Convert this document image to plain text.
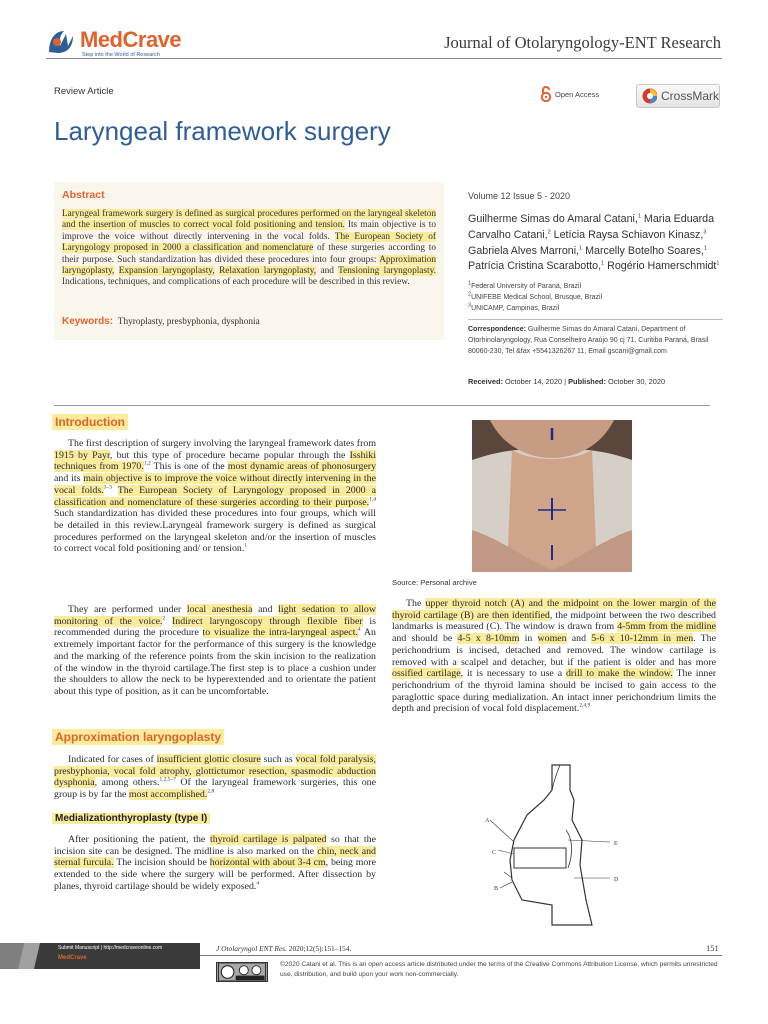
MedCrave
Step into the World of Research
Journal of Otolaryngology-ENT Research
Review Article	Open Access	CrossMark
Laryngeal framework surgery
Abstract
Laryngeal framework surgery is defined as surgical procedures performed on the laryngeal skeleton and the insertion of muscles to correct vocal fold positioning and tension. Its main objective is to improve the voice without directly intervening in the vocal folds. The European Society of Laryngology proposed in 2000 a classification and nomenclature of these surgeries according to their purpose. Such standardization has divided these procedures into four groups: Approximation laryngoplasty, Expansion laryngoplasty, Relaxation laryngoplasty, and Tensioning laryngoplasty. Indications, techniques, and complications of each procedure will be described in this review.
Keywords: Thyroplasty, presbyphonia, dysphonia
Volume 12 Issue 5 - 2020
Guilherme Simas do Amaral Catani,$^1$ Maria Eduarda Carvalho Catani,$^2$ Letícia Raysa Schiavon Kinasz,$^3$ Gabriela Alves Marroni,$^1$ Marcelly Botelho Soares,$^1$ Patrícia Cristina Scarabotto,$^1$ Rogério Hamerschmidt$^1$
$^1$Federal University of Paraná, Brazil
$^2$UNIFEBE Medical School, Brusque, Brazil
$^3$UNICAMP, Campinas, Brazil
Correspondence: Guilherme Simas do Amaral Catani, Department of Otorhinolaryngology, Rua Conselheiro Araújo 90 cj 71, Curitiba Paraná, Brasil 80060-230, Tel &fax +5541326267 11, Email gscani@gmail.com
Received: October 14, 2020 | Published: October 30, 2020
Introduction

The first description of surgery involving the laryngeal framework dates from 1915 by Payr, but this type of procedure became popular through the Isshiki techniques from 1970.$^{1,2}$ This is one of the most dynamic areas of phonosurgery and its main objective is to improve the voice without directly intervening in the vocal folds.$^{1-3}$ The European Society of Laryngology proposed in 2000 a classification and nomenclature of these surgeries according to their purpose.$^{1,4}$ Such standardization has divided these procedures into four groups, which will be detailed in this review.Laryngeal framework surgery is defined as surgical procedures performed on the laryngeal skeleton and/or the insertion of muscles to correct vocal fold positioning and/ or tension.$^1$

They are performed under local anesthesia and light sedation to allow monitoring of the voice.$^2$ Indirect laryngoscopy through flexible fiber is recommended during the procedure to visualize the intra-laryngeal aspect.$^4$ An extremely important factor for the performance of this surgery is the knowledge and the marking of the reference points from the skin incision to the realization of the window in the thyroid cartilage.The first step is to place a cushion under the shoulders to allow the neck to be hyperextended and to orientate the patient about this type of position, as it can be uncomfortable.

Approximation laryngoplasty

Indicated for cases of insufficient glottic closure such as vocal fold paralysis, presbyphonia, vocal fold atrophy, glottictumor resection, spasmodic abduction dysphonia, among others.$^{1,2,5-7}$ Of the laryngeal framework surgeries, this one group is by far the most accomplished.$^{2,8}$

Medializationthyroplasty (type I)

After positioning the patient, the thyroid cartilage is palpated so that the incision site can be designed. The midline is also marked on the chin, neck and sternal furcula. The incision should be horizontal with about 3-4 cm, being more extended to the side where the surgery will be performed. After dissection by planes, thyroid cartilage should be widely exposed.$^4$

Source: Personal archive

The upper thyroid notch (A) and the midpoint on the lower margin of the thyroid cartilage (B) are then identified, the midpoint between the two described landmarks is measured (C). The window is drawn from 4-5mm from the midline and should be 4-5 x 8-10mm in women and 5-6 x 10-12mm in men. The perichondrium is incised, detached and removed. The window cartilage is removed with a scalpel and detacher, but if the patient is older and has more ossified cartilage, it is necessary to use a drill to make the window. The inner perichondrium of the thyroid lamina should be incised to gain access to the paraglottic space during medialization. An intact inner perichondrium limits the depth and precision of vocal fold displacement.$^{2,4,9}$

A
B
C
D
E
Submit Manuscript | http://medcraveonline.com
MedCrave
J Otolaryngol ENT Res. 2020;12(5):151‒154.	151
©2020 Catani et al. This is an open access article distributed under the terms of the Creative Commons Attribution License, which permits unrestricted use, distribution, and build upon your work non-commercially.
